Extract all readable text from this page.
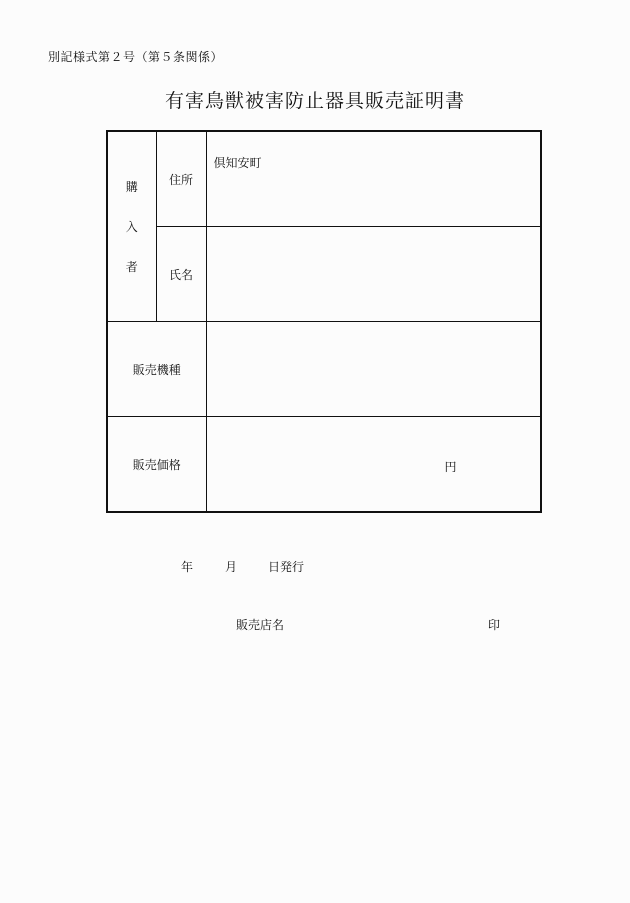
別記様式第２号（第５条関係）
有害鳥獣被害防止器具販売証明書
購
入
者	住所	倶知安町

	氏名	

販売機種		

販売価格		円
年	月	日発行
販売店名	印
